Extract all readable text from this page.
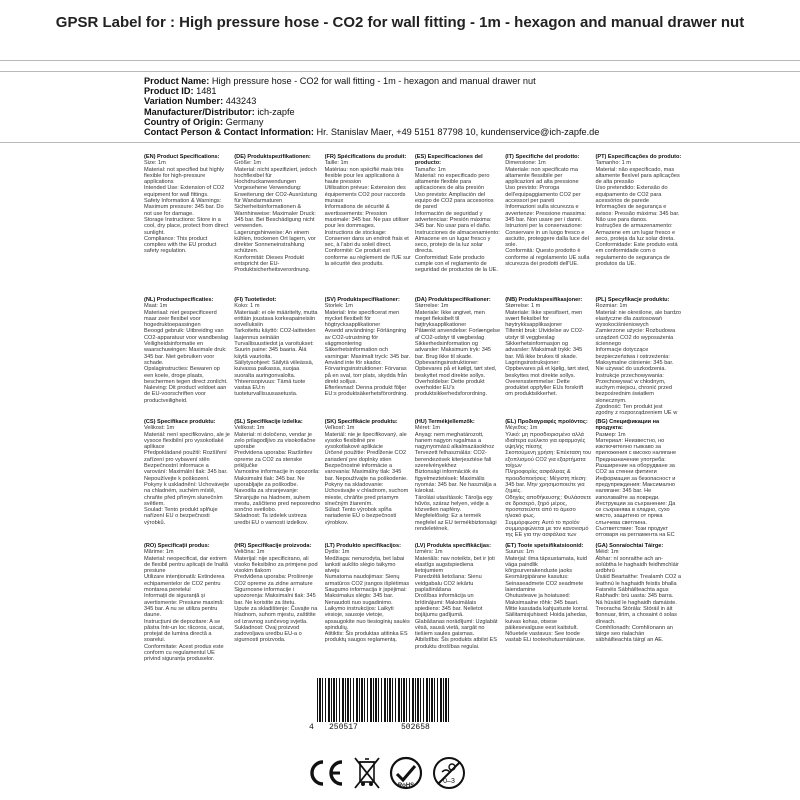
GPSR Label for : High pressure hose - CO2 for wall fitting - 1m - hexagon and manual drawer nut
Product Name: High pressure hose - CO2 for wall fitting - 1m - hexagon and manual drawer nut
Product ID: 1481
Variation Number: 443243
Manufacturer/Distributor: ich-zapfe
Country of Origin: Germany
Contact Person & Contact Information: Hr. Stanislav Maer, +49 5151 87798 10, kundenservice@ich-zapfe.de
(EN) Product Specifications:
Size: 1m
Material: not specified but highly flexible for high-pressure applications
Intended Use: Extension of CO2 equipment for wall fittings.
Safety Information & Warnings: Maximum pressure: 345 bar. Do not use for damage.
Storage Instructions: Store in a cool, dry place, protect from direct sunlight.
Compliance: This product complies with the EU product safety regulation.
(DE) Produktspezifikationen:
Größe: 1m
Material: nicht spezifiziert, jedoch hochflexibel für Hochdruckanwendungen
Vorgesehene Verwendung: Erweiterung der CO2-Ausrüstung für Wandarmaturen
Sicherheitsinformationen & Warnhinweise: Maximaler Druck: 345 bar. Bei Beschädigung nicht verwenden.
Lagerungshinweise: An einem kühlen, trockenen Ort lagern, vor direkter Sonneneinstrahlung schützen.
Konformität: Dieses Produkt entspricht der EU-Produktsicherheitsverordnung.
(FR) Spécifications du produit:
Taille: 1m
Matériau: non spécifié mais très flexible pour les applications à haute pression
Utilisation prévue: Extension des équipements CO2 pour raccords muraux
Informations de sécurité & avertissements: Pression maximale: 345 bar. Ne pas utiliser pour les dommages.
Instructions de stockage: Conserver dans un endroit frais et sec, à l'abri du soleil direct.
Conformité: Ce produit est conforme au règlement de l'UE sur la sécurité des produits.
(ES) Especificaciones del producto:
Tamaño: 1m
Material: no especificado pero altamente flexible para aplicaciones de alta presión
Uso previsto: Ampliación del equipo de CO2 para accesorios de pared
Información de seguridad y advertencias: Presión máxima: 345 bar. No usar para el daño.
Instrucciones de almacenamiento: Almacene en un lugar fresco y seco, protejo de la luz solar directa.
Conformidad: Este producto cumple con el reglamento de seguridad de productos de la UE.
(IT) Specifiche del prodotto:
Dimensione: 1m
Materiale: non specificato ma altamente flessibile per applicazioni ad alta pressione
Uso previsto: Proroga dell'equipaggiamento CO2 per accessori per pareti
Informazioni sulla sicurezza e avvertenze: Pressione massima: 345 bar. Non usare per i danni.
Istruzioni per la conservazione: Conservare in un luogo fresco e asciutto, proteggere dalla luce del sole.
Conformità: Questo prodotto è conforme al regolamento UE sulla sicurezza dei prodotti dell'UE.
(PT) Especificações do produto:
Tamanho: 1 m
Material: não especificado, mas altamente flexível para aplicações de alta pressão
Uso pretendido: Extensão do equipamento de CO2 para acessórios de parede
Informações de segurança e avisos: Pressão máxima: 345 bar. Não use para danos.
Instruções de armazenamento: Armazene em um lugar fresco e seco, proteja da luz solar direta.
Conformidade: Este produto está em conformidade com o regulamento de segurança de produtos da UE.
(NL) Productspecificaties:
Maat: 1m
Materiaal: niet gespecificeerd maar zeer flexibel voor hogedruktoepassingen
Beoogd gebruik: Uitbreiding van CO2-apparatuur voor wandbeslag
Veiligheidsinformatie en waarschuwingen: Maximale druk: 345 bar. Niet gebruiken voor schade.
Opslaginstructies: Bewaren op een koele, droge plaats, beschermen tegen direct zonlicht.
Naleving: Dit product voldoet aan de EU-voorschriften voor productveiligheid.
(FI) Tuotetiedot:
Koko: 1 m
Materiaali: ei ole määritelty, mutta erittäin joustava korkeapaineisiin sovelluksiin
Tarkoitettu käyttö: CO2-laitteiden laajennus seinään
Turvallisuustiedot ja varoitukset: Suurin paine: 345 baaria. Älä käytä vaurioita.
Säilytysohjeet: Säilytä viileässä, kuivassa paikassa, suojaa suoralta auringonvalolta.
Yhteensopivuus: Tämä tuote vastaa EU:n tuoteturvallisuusasetusta.
(SV) Produktspecifikationer:
Storlek: 1m
Material: Inte specificerat men mycket flexibelt för högtrycksapplikationer
Avsedd användning: Förlängning av CO2-utrustning för väggmontering
Säkerhetsinformation och varningar: Maximalt tryck: 345 bar. Använd inte för skador.
Förvaringsinstruktioner: Förvaras på en sval, torr plats, skydda från direkt solljus.
Efterlevnad: Denna produkt följer EU:s produktsäkerhetsförordning.
(DA) Produktspecifikationer:
Størrelse: 1m
Materiale: Ikke angivet, men meget fleksibelt til højtryksapplikationer
Påtænkt anvendelse: Forlængelse af CO2-udstyr til vægbeslag
Sikkerhedsinformation og advarsler: Maksimum tryk: 345 bar. Brug ikke til skade.
Opbevaringsinstruktioner: Opbevares på et køligt, tørt sted, beskyttet mod direkte sollys.
Overholdelse: Dette produkt overholder EU's produktsikkerhedsforordning.
(NB) Produktspesifikasjoner:
Størrelse: 1 m
Materiale: Ikke spesifisert, men svært fleksibel for høytrykksapplikasjoner
Tiltenkt bruk: Utvidelse av CO2-utstyr til veggbeslag
Sikkerhetsinformasjon og advarsler: Maksimalt trykk: 345 bar. Må ikke brukes til skade.
Lagringsinstruksjoner: Oppbevares på et kjølig, tørt sted, beskyttes mot direkte sollys.
Overensstemmelse: Dette produktet oppfyller EUs forskrift om produktsikkerhet.
(PL) Specyfikacje produktu:
Rozmiar: 1m
Materiał: nie określone, ale bardzo elastyczne dla zastosowań wysokociśnieniowych
Zamierzone użycie: Rozbudowa urządzeń CO2 do wyposażenia ściennego
Informacje dotyczące bezpieczeństwa i ostrzeżenia: Maksymalne ciśnienie: 345 bar. Nie używać do uszkodzenia.
Instrukcje przechowywania: Przechowywać w chłodnym, suchym miejscu, chronić przed bezpośrednim światłem słonecznym.
Zgodność: Ten produkt jest zgodny z rozporządzeniem UE w
(CS) Specifikace produktu:
Velikost: 1m
Materiál: není specifikováno, ale je vysoce flexibilní pro vysokotlaké aplikace
Předpokládané použití: Rozšíření zařízení pro vybavení stěn
Bezpečnostní informace a varování: Maximální tlak: 345 bar. Nepoužívejte k poškození.
Pokyny k uskladnění: Uchovávejte na chladném, suchém místě, chraňte před přímým slunečním světlem.
Soulad: Tento produkt splňuje nařízení EU o bezpečnosti výrobků.
(SL) Specifikacije izdelka:
Velikost: 1m
Material: ni določeno, vendar je zelo prilagodljivo za visokotlačne uporabe
Predvidena uporaba: Razširitev opreme za CO2 za stenske priključke
Varnostne informacije in opozorila: Maksimalni tlak: 345 bar. Ne uporabljajte za poškodbe.
Navodila za shranjevanje: Shranjujte na hladnem, suhem mestu, zaščiteno pred neposredno sončno svetlobo.
Skladnost: Ta izdelek ustreza uredbi EU o varnosti izdelkov.
(SK) Špecifikácie produktu:
Veľkosť: 1m
Materiál: nie je špecifikovaný, ale vysoko flexibilné pre vysokotlakové aplikácie
Úrčené použitie: Predĺženie CO2 zariadení pre doplnky stien
Bezpečnostné informácie a varovania: Maximálny tlak: 345 bar. Nepoužívajte na poškodenie.
Pokyny na skladovanie: Uchovávajte v chladnom, suchom mieste, chráňte pred priamym slnečným žiarením.
Súlad: Tento výrobok spĺňa nariadenie EÚ o bezpečnosti výrobkov.
(HU) Termékjellemzők:
Méret: 1m
Anyag: nem meghatározott, hanem nagyon rugalmas a nagynyomású alkalmazásokhoz
Tervezett felhasználás: CO2-berendezések kiterjesztése fali szerelvényekhez
Biztonsági információk és figyelmeztetések: Maximális nyomás: 345 bar. Ne használja a károkat.
Tárolási utasítások: Tárolja egy hűvös, száraz helyen, védje a közvetlen napfény.
Megfelelőség: Ez a termék megfelel az EU termékbiztonsági rendeletének.
(EL) Προδιαγραφές προϊόντος:
Μέγεθος: 1m
Υλικό: μη προσδιορισμένο αλλά ιδιαίτερα ευέλικτο για εφαρμογές υψηλής πίεσης
Σκοπούμενη χρήση: Επέκταση του εξοπλισμού CO2 για εξαρτήματα τοίχων
Πληροφορίες ασφάλειας & προειδοποιήσεις: Μέγιστη πίεση: 345 bar. Μην χρησιμοποιείτε για ζημιές.
Οδηγίες αποθήκευσης: Φυλάσσετε σε δροσερό, ξηρό μέρος, προστατεύστε από το άμεσο ηλιακό φως.
Συμμόρφωση: Αυτό το προϊόν συμμορφώνεται με τον κανονισμό της ΕΕ για την ασφάλεια των
(BG) Спецификации на продукта:
Размер: 1m
Материал: Неизвестно, но изключително гъвкаво за приложения с високо налягане
Предназначение употреба: Разширение на оборудване за CO2 за стенни фитинги
Информация за безопасност и предупреждения: Максимално налягане: 345 bar. Не използвайте за повреди.
Инструкции за съхранение: Да се съхранява в хладно, сухо място, защитено от пряка слънчева светлина.
Съответствие: Този продукт отговаря на регламента на ЕС
(RO) Specificații produs:
Mărime: 1m
Material: neopecificat, dar extrem de flexibil pentru aplicații de înaltă presiune
Utilizare intenționată: Extinderea echipamentelor de CO2 pentru montarea peretelui
Informații de siguranță și avertismente: Presiune maximă: 345 bar. A nu se utiliza pentru daune.
Instrucțiuni de depozitare: A se păstra într-un loc răcoros, uscat, protejat de lumina directă a soarelui.
Conformitate: Acest produs este conform cu regulamentul UE privind siguranța produselor.
(HR) Specifikacije proizvoda:
Veličina: 1m
Materijal: nije specificirano, ali visoko fleksibilno za primjene pod visokim tlakom
Predviđena uporaba: Proširenje CO2 opreme za zidne armature
Sigurnosne informacije i upozorenja: Maksimalni tlak: 345 bar. Ne koristite za štetu.
Upute za skladištenje: Čuvajte na hladnom, suhom mjestu, zaštitite od izravnog sunčevog svjetla.
Sukladnost: Ovaj proizvod zadovoljava uredbu EU-a o sigurnosti proizvoda.
(LT) Produkto specifikacijos:
Dydis: 1m
Medžiaga: nenurodyta, bet labai lanksti aukšto slėgio taikymo atveju
Numatoma naudojimas: Sienų armatūros CO2 įrangos išplėtimas
Saugumo informacija ir įspėjimai: Maksimalus slėgis: 345 bar. Nenaudoti nuo sugadinimo.
Laikymo instrukcijos: Laikyti vėsioje, sausoje vietoje, apsaugokite nuo tiesioginių saulės spindulių.
Atitiktis: Šis produktas atitinka ES produktų saugos reglamentą.
(LV) Produkta specifikācijas:
Izmērs: 1m
Materiāls: nav noteikts, bet ir ļoti elastīgs augstspiediena lietojumiem
Paredzētā lietošana: Sienu veidgabalu CO2 iekārtu paplašināšana
Drošības informācija un brīdinājumi: Maksimālais spiediens: 345 bar. Nelietot bojājumu gadījumā.
Glabāšanas norādījumi: Uzglabāt vēsā, sausā vietā, sargāt no tiešiem saules gaismas.
Atbilstība: Šis produkts atbilst ES produktu drošības regulai.
(ET) Toote spetsifikatsioonid:
Suurus: 1m
Materjal: ilma täpsustamata, kuid väga paindlik kõrgsurverakenduste jaoks
Eesmärgipärane kasutus: Seinaseadmete CO2 seadmete laiendamine
Ohutusteave ja hoiatused: Maksimaalne rõhk: 345 baari. Mitte kasutada kahjustuste korral.
Säilitamisjuhised: Hoida jahedas, kuivas kohas, otsese päikesevalguse eest kaitstult.
Nõuetele vastavus: See toode vastab ELi tooteohutusmääruse.
(GA) Sonraíochtaí Táirge:
Méid: 1m
Ábhar: ní sonraithe ach an-solúbtha le haghaidh feidhmchláir ardbhrú
Úsáid Beartaithe: Trealamh CO2 a leathnú le haghaidh feistis bhalla
Faisnéis Sábháilteachta agus Rabhadh: brú uasta: 345 barra. Ná húsáid le haghaidh damáiste.
Treoracha Stórála: Stóráil in áit fionnuar, tirim, a chosaint ó solas díreach.
Comhlíonadh: Comhlíonann an táirge seo rialachán sábháilteachta táirgí an AE.
4 250517	502658
RoHS
0–3
